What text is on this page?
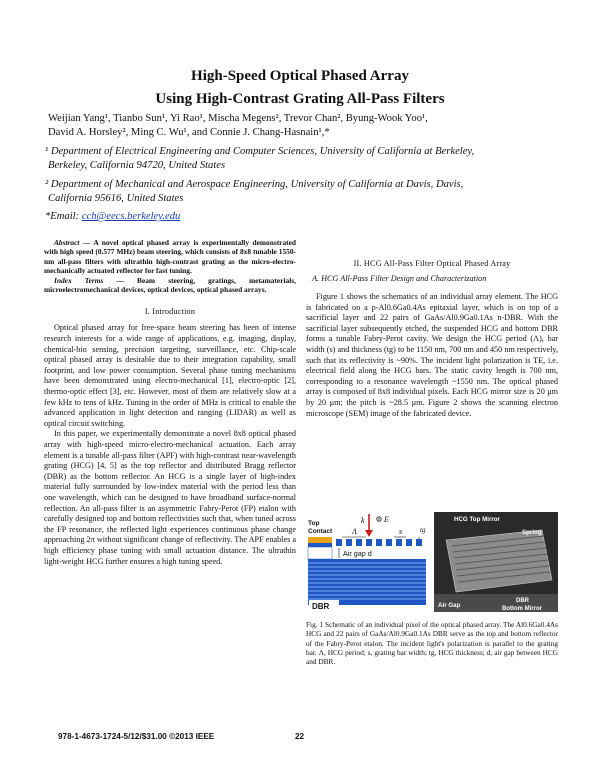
High-Speed Optical Phased Array
Using High-Contrast Grating All-Pass Filters
Weijian Yang¹, Tianbo Sun¹, Yi Rao¹, Mischa Megens², Trevor Chan², Byung-Wook Yoo¹,
David A. Horsley², Ming C. Wu¹, and Connie J. Chang-Hasnain¹,*
¹ Department of Electrical Engineering and Computer Sciences, University of California at Berkeley,
Berkeley, California 94720, United States
² Department of Mechanical and Aerospace Engineering, University of California at Davis, Davis,
California 95616, United States
*Email: cch@eecs.berkeley.edu

Abstract — A novel optical phased array is experimentally demonstrated with high speed (0.577 MHz) beam steering, which consists of 8x8 tunable 1550-nm all-pass filters with ultrathin high-contrast grating as the micro-electro-mechanically actuated reflector for fast tuning.

Index Terms — Beam steering, gratings, metamaterials, microelectromechanical devices, optical devices, optical phased arrays.

I. Introduction

Optical phased array for free-space beam steering has been of intense research interests for a wide range of applications, e.g. imaging, display, chemical-bio sensing, precision targeting, surveillance, etc. Chip-scale optical phased array is desirable due to their integration capability, small footprint, and low power consumption. Several phase tuning mechanisms have been demonstrated using electro-mechanical [1], electro-optic [2], thermo-optic effect [3], etc. However, most of them are relatively slow at a few kHz to tens of kHz. Tuning in the order of MHz is critical to enable the advanced application in light detection and ranging (LIDAR) as well as optical circuit switching.

In this paper, we experimentally demonstrate a novel 8x8 optical phased array with high-speed micro-electro-mechanical actuation. Each array element is a tunable all-pass filter (APF) with high-contrast near-wavelength grating (HCG) [4, 5] as the top reflector and distributed Bragg reflector (DBR) as the bottom reflector. An HCG is a single layer of high-index material fully surrounded by low-index material with the period less than one wavelength, which can be designed to have broadband surface-normal reflection. An all-pass filter is an asymmetric Fabry-Perot (FP) etalon with carefully designed top and bottom reflectivities such that, when tuned across the FP resonance, the reflected light experiences continuous phase change approaching 2π without significant change of reflectivity. The APF enables a high efficiency phase tuning with small actuation distance. The ultrathin light-weight HCG further ensures a high tuning speed.

II. HCG All-Pass Filter Optical Phased Array
A. HCG All-Pass Filter Design and Characterization

Figure 1 shows the schematics of an individual array element. The HCG is fabricated on a p-Al0.6Ga0.4As epitaxial layer, which is on top of a sacrificial layer and 22 pairs of GaAs/Al0.9Ga0.1As n-DBR. With the sacrificial layer subsequently etched, the suspended HCG and bottom DBR forms a tunable Fabry-Perot cavity. We design the HCG period (Λ), bar width (s) and thickness (tg) to be 1150 nm, 700 nm and 450 nm respectively, such that its reflectivity is ~90%. The incident light polarization is TE, i.e. electrical field along the HCG bars. The static cavity length is 700 nm, corresponding to a resonance wavelength ~1550 nm. The optical phased array is composed of 8x8 individual pixels. Each HCG mirror size is 20 μm by 20 μm; the pitch is ~28.5 μm. Figure 2 shows the scanning electron microscope (SEM) image of the fabricated device.

k E
Top
Contact Λ	s	tg
Air gap d
DBR
HCG Top Mirror
Spring
Air Gap
DBR
Bottom Mirror
Fig. 1 Schematic of an individual pixel of the optical phased array. The Al0.6Ga0.4As HCG and 22 pairs of GaAs/Al0.9Ga0.1As DBR serve as the top and bottom reflector of the Fabry-Perot etalon. The incident light's polarization is parallel to the grating bar. Λ, HCG period; s, grating bar width; tg, HCG thickness; d, air gap between HCG and DBR.
978-1-4673-1724-5/12/$31.00 ©2013 IEEE	22
